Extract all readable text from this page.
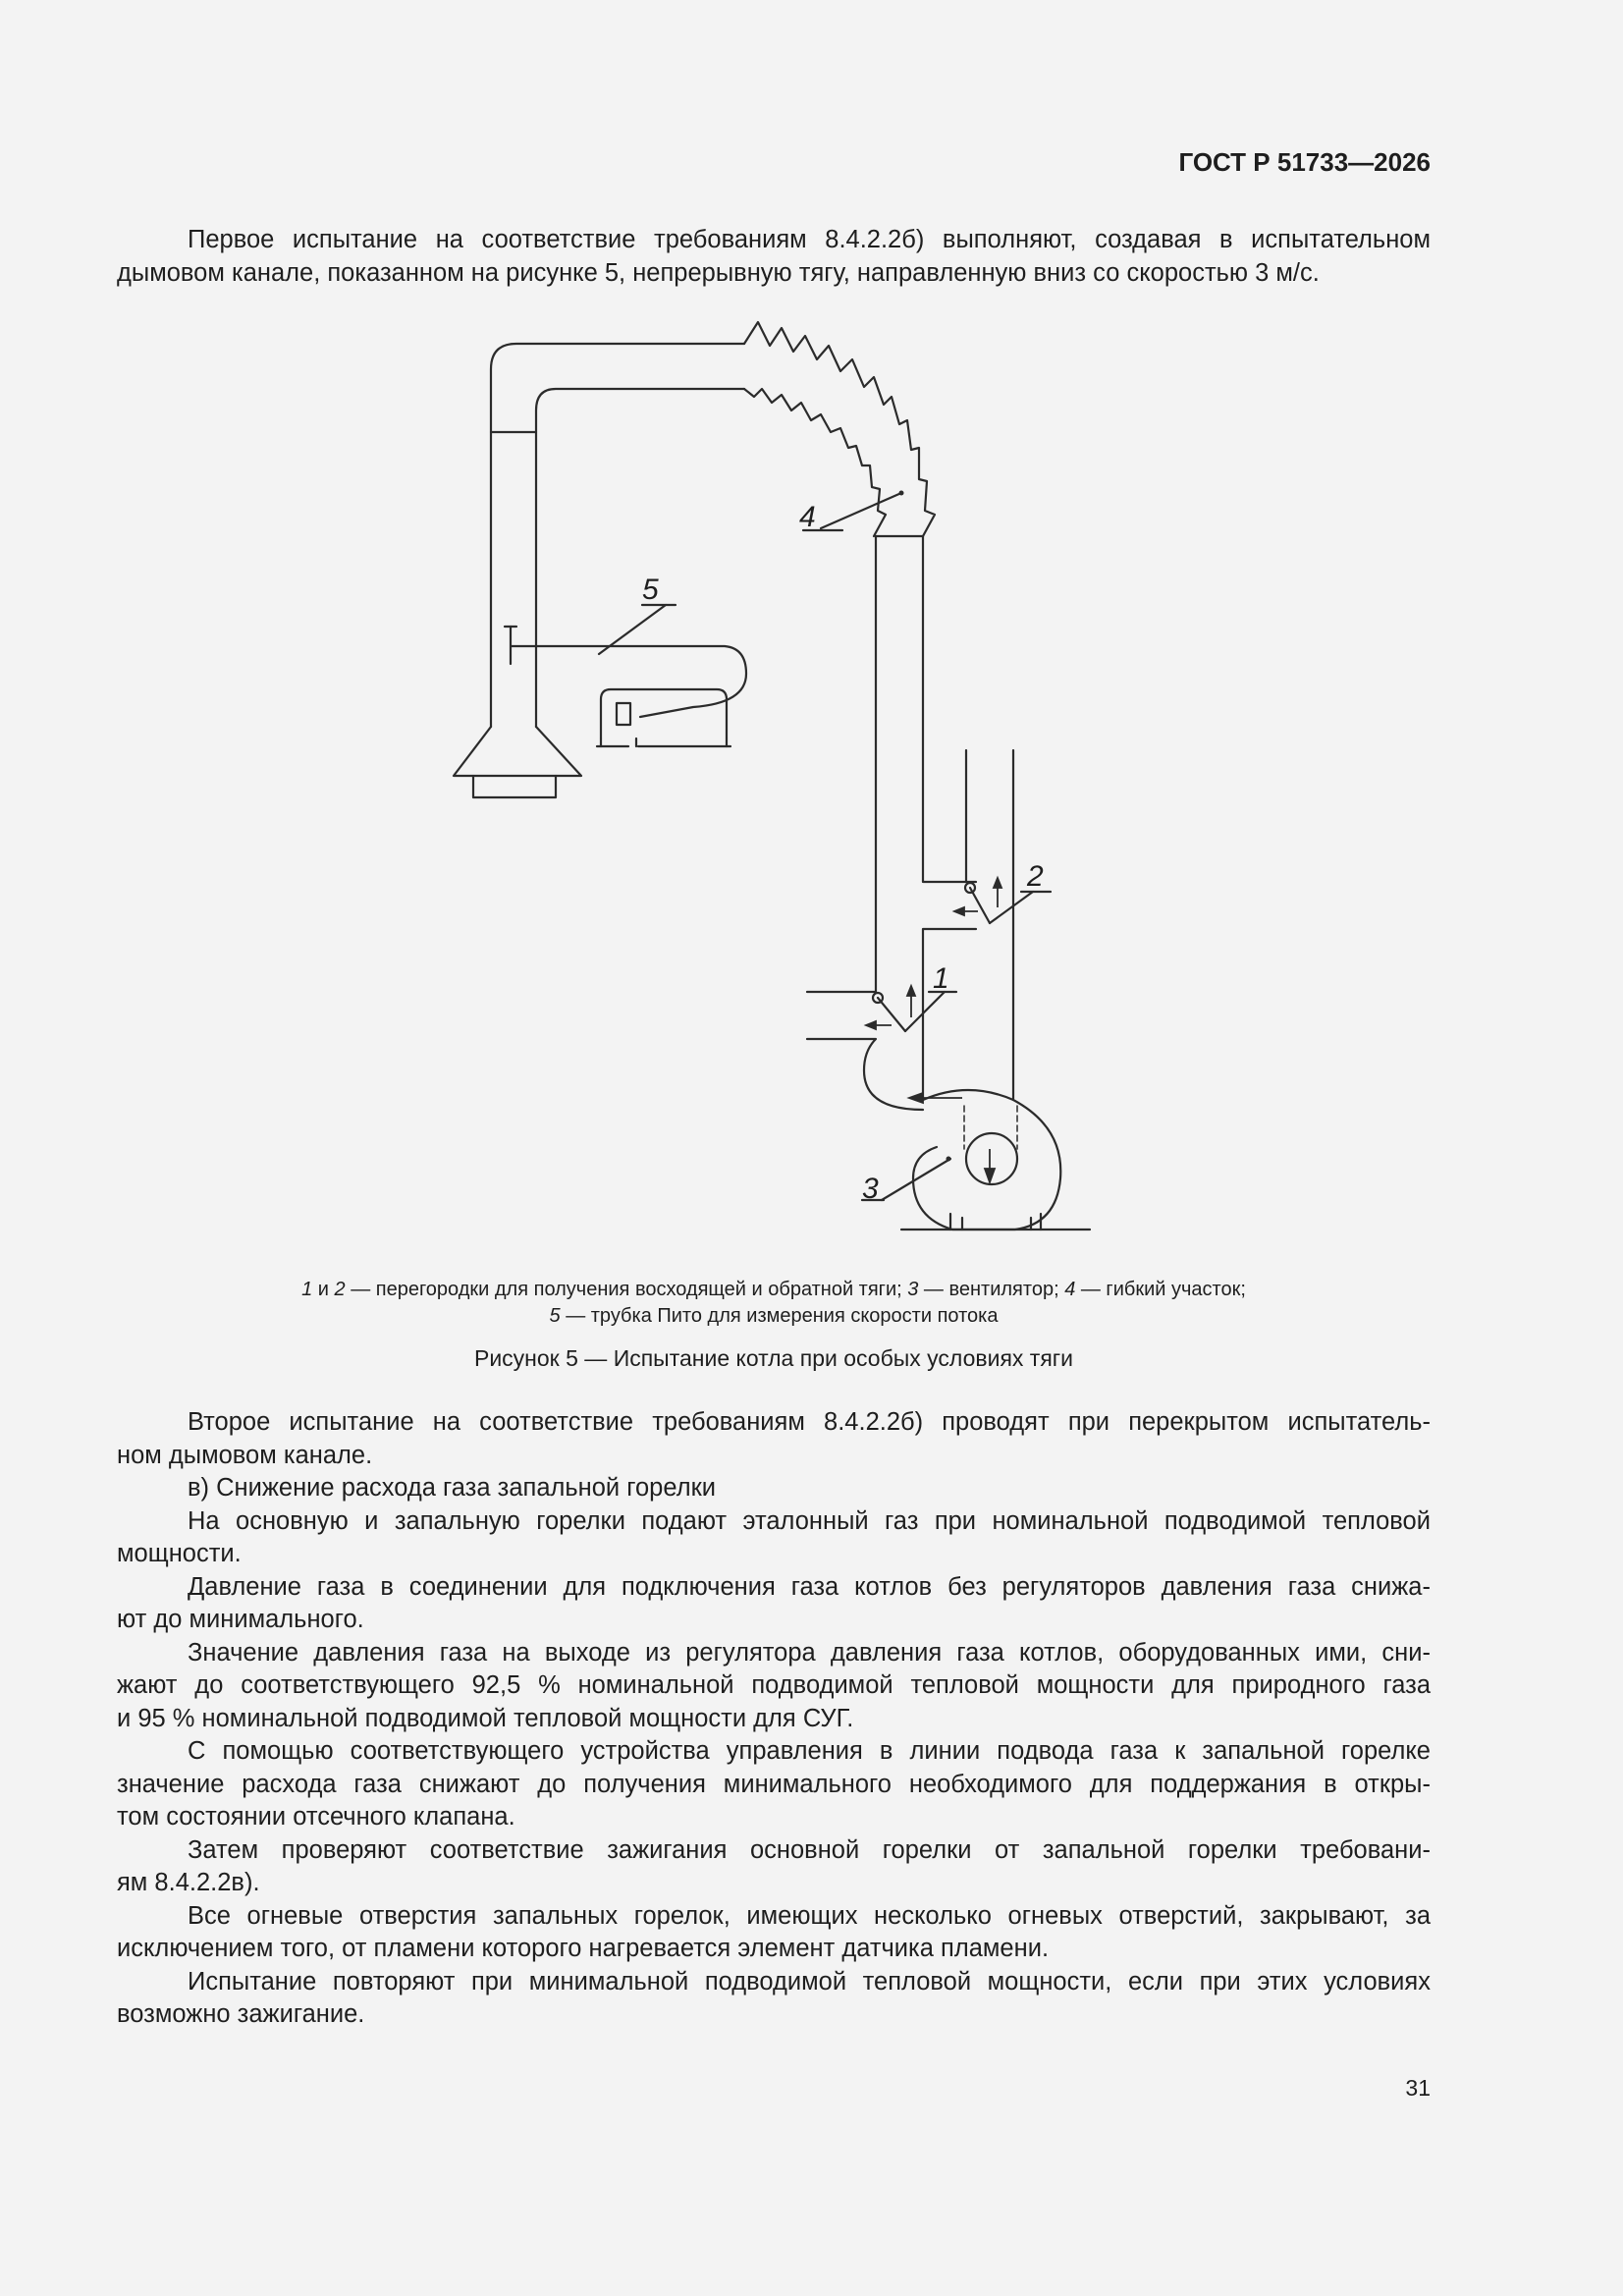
ГОСТ Р 51733—2026

Первое испытание на соответствие требованиям 8.4.2.2б) выполняют, создавая в испытательном
дымовом канале, показанном на рисунке 5, непрерывную тягу, направленную вниз со скоростью 3 м/с.

4
5
2
1
3
1 и 2 — перегородки для получения восходящей и обратной тяги; 3 — вентилятор; 4 — гибкий участок;
5 — трубка Пито для измерения скорости потока
Рисунок 5 — Испытание котла при особых условиях тяги

Второе испытание на соответствие требованиям 8.4.2.2б) проводят при перекрытом испытатель-
ном дымовом канале.
в) Снижение расхода газа запальной горелки
На основную и запальную горелки подают эталонный газ при номинальной подводимой тепловой
мощности.
Давление газа в соединении для подключения газа котлов без регуляторов давления газа снижа-
ют до минимального.
Значение давления газа на выходе из регулятора давления газа котлов, оборудованных ими, сни-
жают до соответствующего 92,5 % номинальной подводимой тепловой мощности для природного газа
и 95 % номинальной подводимой тепловой мощности для СУГ.
С помощью соответствующего устройства управления в линии подвода газа к запальной горелке
значение расхода газа снижают до получения минимального необходимого для поддержания в откры-
том состоянии отсечного клапана.
Затем проверяют соответствие зажигания основной горелки от запальной горелки требовани-
ям 8.4.2.2в).
Все огневые отверстия запальных горелок, имеющих несколько огневых отверстий, закрывают, за
исключением того, от пламени которого нагревается элемент датчика пламени.
Испытание повторяют при минимальной подводимой тепловой мощности, если при этих условиях
возможно зажигание.

31
